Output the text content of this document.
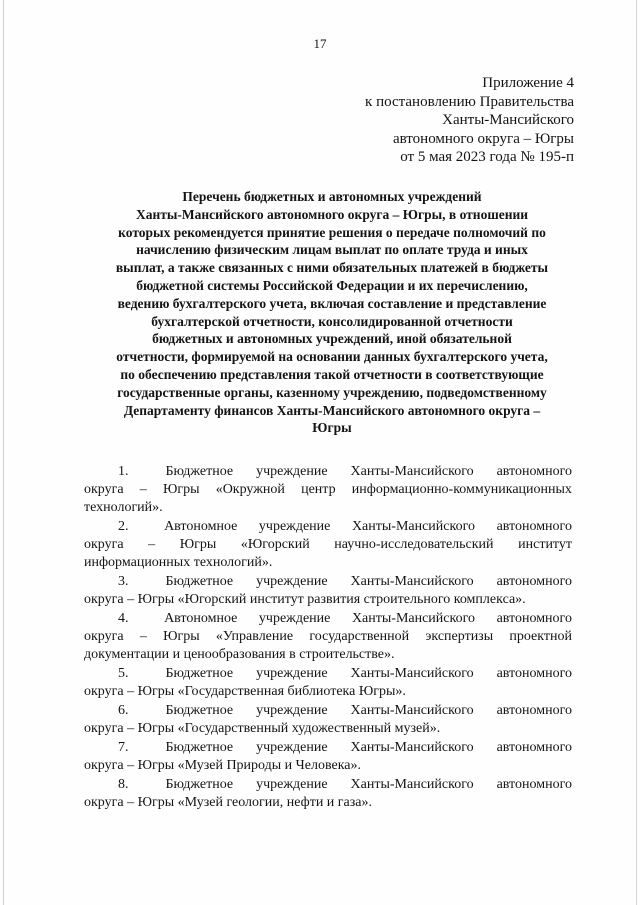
17
Приложение 4
к постановлению Правительства
Ханты-Мансийского
автономного округа – Югры
от 5 мая 2023 года № 195-п
Перечень бюджетных и автономных учреждений
Ханты-Мансийского автономного округа – Югры, в отношении
которых рекомендуется принятие решения о передаче полномочий по
начислению физическим лицам выплат по оплате труда и иных
выплат, а также связанных с ними обязательных платежей в бюджеты
бюджетной системы Российской Федерации и их перечислению,
ведению бухгалтерского учета, включая составление и представление
бухгалтерской отчетности, консолидированной отчетности
бюджетных и автономных учреждений, иной обязательной
отчетности, формируемой на основании данных бухгалтерского учета,
по обеспечению представления такой отчетности в соответствующие
государственные органы, казенному учреждению, подведомственному
Департаменту финансов Ханты-Мансийского автономного округа –
Югры
1.	Бюджетное учреждение Ханты-Мансийского автономного
округа – Югры «Окружной центр информационно-коммуникационных
технологий».
2.	Автономное учреждение Ханты-Мансийского автономного
округа – Югры «Югорский научно-исследовательский институт
информационных технологий».
3.	Бюджетное учреждение Ханты-Мансийского автономного
округа – Югры «Югорский институт развития строительного комплекса».
4.	Автономное учреждение Ханты-Мансийского автономного
округа – Югры «Управление государственной экспертизы проектной
документации и ценообразования в строительстве».
5.	Бюджетное учреждение Ханты-Мансийского автономного
округа – Югры «Государственная библиотека Югры».
6.	Бюджетное учреждение Ханты-Мансийского автономного
округа – Югры «Государственный художественный музей».
7.	Бюджетное учреждение Ханты-Мансийского автономного
округа – Югры «Музей Природы и Человека».
8.	Бюджетное учреждение Ханты-Мансийского автономного
округа – Югры «Музей геологии, нефти и газа».
